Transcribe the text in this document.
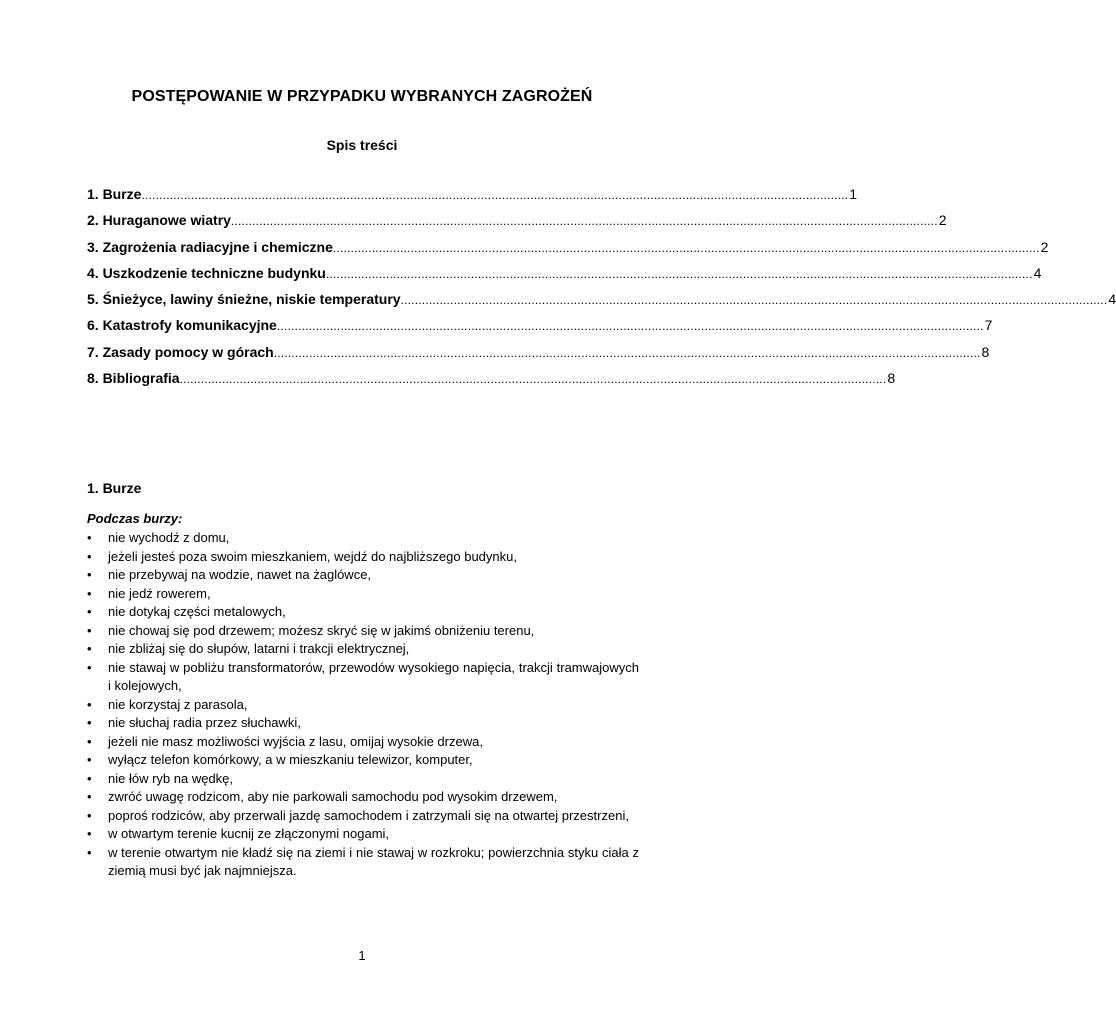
POSTĘPOWANIE W PRZYPADKU WYBRANYCH ZAGROŻEŃ
Spis treści
1. Burze ........................................................................................................................................................................................................ 1
2. Huraganowe wiatry ........................................................................................................................................................................................................ 2
3. Zagrożenia radiacyjne i chemiczne ........................................................................................................................................................................................................ 2
4. Uszkodzenie techniczne budynku ........................................................................................................................................................................................................ 4
5. Śnieżyce, lawiny śnieżne, niskie temperatury ........................................................................................................................................................................................................ 4
6. Katastrofy komunikacyjne ........................................................................................................................................................................................................ 7
7. Zasady pomocy w górach ........................................................................................................................................................................................................ 8
8. Bibliografia ........................................................................................................................................................................................................ 8
1. Burze
Podczas burzy:
•
nie wychodź z domu,
•
jeżeli jesteś poza swoim mieszkaniem, wejdź do najbliższego budynku,
•
nie przebywaj na wodzie, nawet na żaglówce,
•
nie jedź rowerem,
•
nie dotykaj części metalowych,
•
nie chowaj się pod drzewem; możesz skryć się w jakimś obniżeniu terenu,
•
nie zbliżaj się do słupów, latarni i trakcji elektrycznej,
•
nie stawaj w pobliżu transformatorów, przewodów wysokiego napięcia, trakcji tramwajowych i kolejowych,
•
nie korzystaj z parasola,
•
nie słuchaj radia przez słuchawki,
•
jeżeli nie masz możliwości wyjścia z lasu, omijaj wysokie drzewa,
•
wyłącz telefon komórkowy, a w mieszkaniu telewizor, komputer,
•
nie łów ryb na wędkę,
•
zwróć uwagę rodzicom, aby nie parkowali samochodu pod wysokim drzewem,
•
poproś rodziców, aby przerwali jazdę samochodem i zatrzymali się na otwartej przestrzeni,
•
w otwartym terenie kucnij ze złączonymi nogami,
•
w terenie otwartym nie kładź się na ziemi i nie stawaj w rozkroku; powierzchnia styku ciała z ziemią musi być jak najmniejsza.
1
